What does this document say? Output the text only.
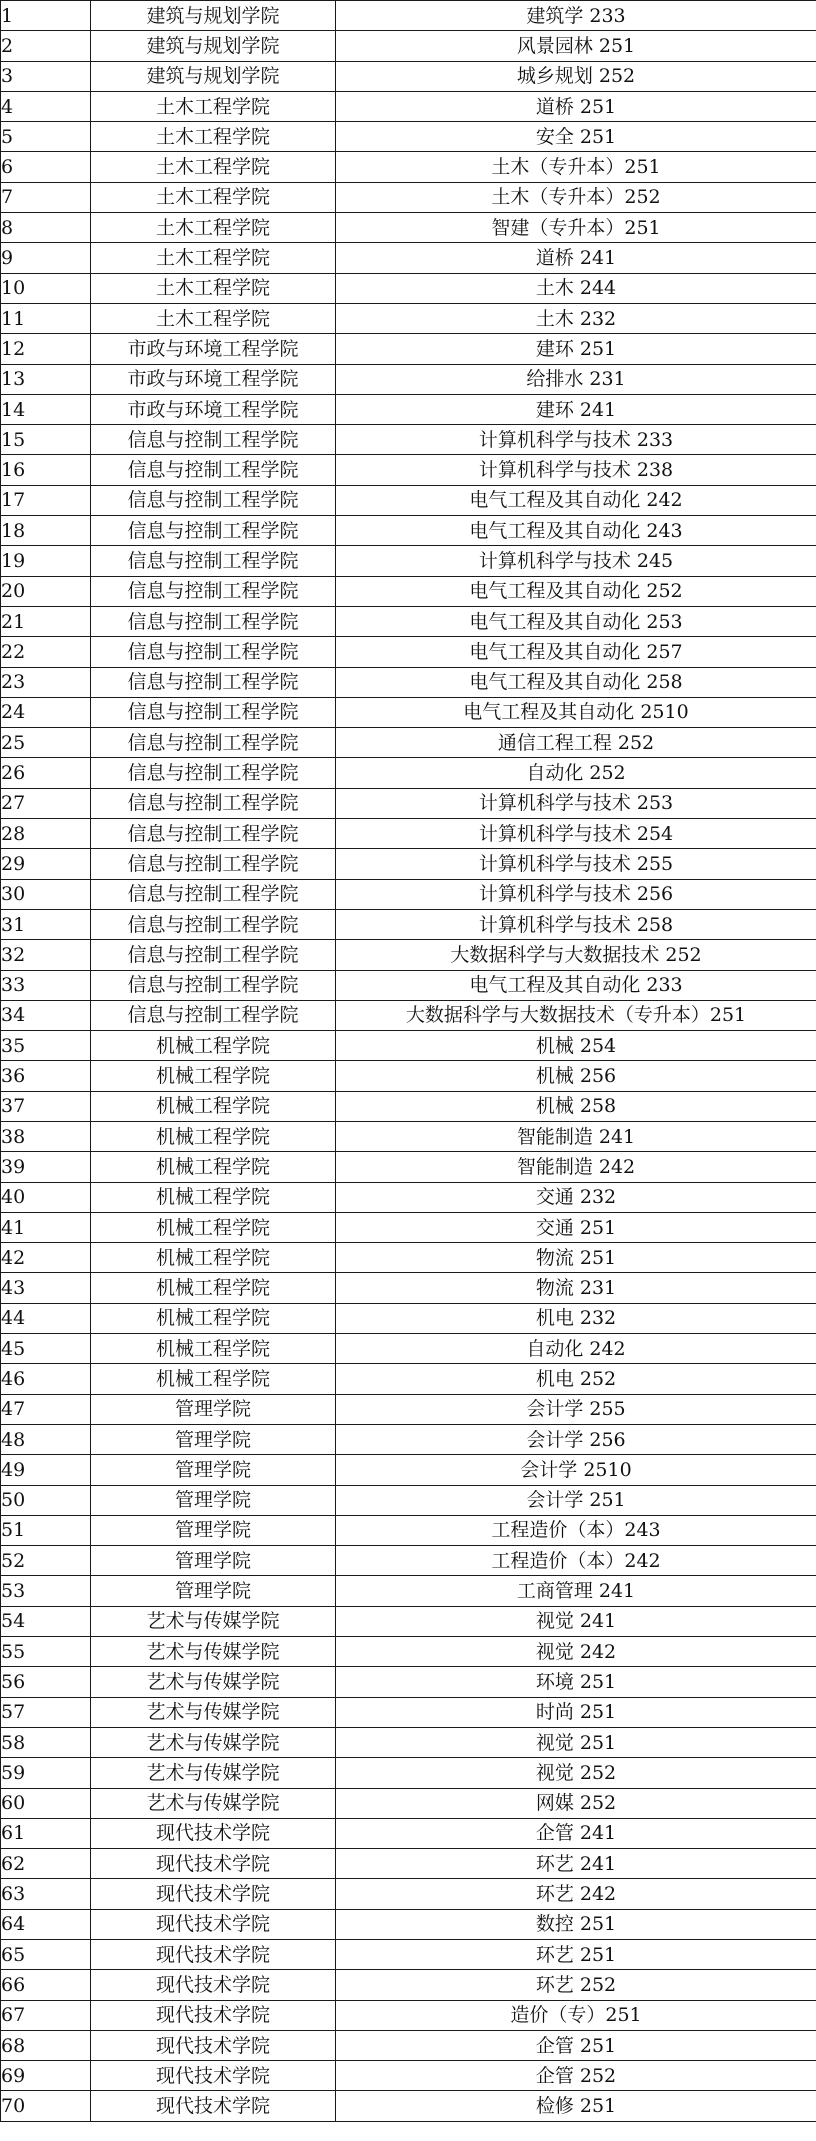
1	建筑与规划学院	建筑学 233
2	建筑与规划学院	风景园林 251
3	建筑与规划学院	城乡规划 252
4	土木工程学院	道桥 251
5	土木工程学院	安全 251
6	土木工程学院	土木（专升本）251
7	土木工程学院	土木（专升本）252
8	土木工程学院	智建（专升本）251
9	土木工程学院	道桥 241
10	土木工程学院	土木 244
11	土木工程学院	土木 232
12	市政与环境工程学院	建环 251
13	市政与环境工程学院	给排水 231
14	市政与环境工程学院	建环 241
15	信息与控制工程学院	计算机科学与技术 233
16	信息与控制工程学院	计算机科学与技术 238
17	信息与控制工程学院	电气工程及其自动化 242
18	信息与控制工程学院	电气工程及其自动化 243
19	信息与控制工程学院	计算机科学与技术 245
20	信息与控制工程学院	电气工程及其自动化 252
21	信息与控制工程学院	电气工程及其自动化 253
22	信息与控制工程学院	电气工程及其自动化 257
23	信息与控制工程学院	电气工程及其自动化 258
24	信息与控制工程学院	电气工程及其自动化 2510
25	信息与控制工程学院	通信工程工程 252
26	信息与控制工程学院	自动化 252
27	信息与控制工程学院	计算机科学与技术 253
28	信息与控制工程学院	计算机科学与技术 254
29	信息与控制工程学院	计算机科学与技术 255
30	信息与控制工程学院	计算机科学与技术 256
31	信息与控制工程学院	计算机科学与技术 258
32	信息与控制工程学院	大数据科学与大数据技术 252
33	信息与控制工程学院	电气工程及其自动化 233
34	信息与控制工程学院	大数据科学与大数据技术（专升本）251
35	机械工程学院	机械 254
36	机械工程学院	机械 256
37	机械工程学院	机械 258
38	机械工程学院	智能制造 241
39	机械工程学院	智能制造 242
40	机械工程学院	交通 232
41	机械工程学院	交通 251
42	机械工程学院	物流 251
43	机械工程学院	物流 231
44	机械工程学院	机电 232
45	机械工程学院	自动化 242
46	机械工程学院	机电 252
47	管理学院	会计学 255
48	管理学院	会计学 256
49	管理学院	会计学 2510
50	管理学院	会计学 251
51	管理学院	工程造价（本）243
52	管理学院	工程造价（本）242
53	管理学院	工商管理 241
54	艺术与传媒学院	视觉 241
55	艺术与传媒学院	视觉 242
56	艺术与传媒学院	环境 251
57	艺术与传媒学院	时尚 251
58	艺术与传媒学院	视觉 251
59	艺术与传媒学院	视觉 252
60	艺术与传媒学院	网媒 252
61	现代技术学院	企管 241
62	现代技术学院	环艺 241
63	现代技术学院	环艺 242
64	现代技术学院	数控 251
65	现代技术学院	环艺 251
66	现代技术学院	环艺 252
67	现代技术学院	造价（专）251
68	现代技术学院	企管 251
69	现代技术学院	企管 252
70	现代技术学院	检修 251
